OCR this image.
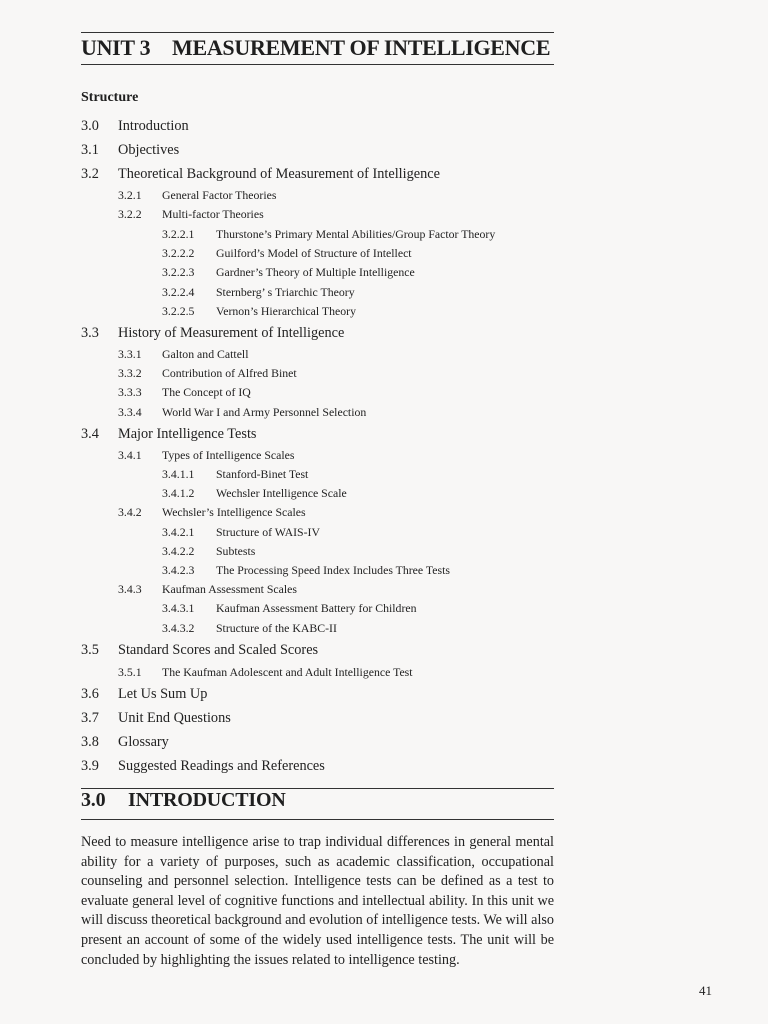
UNIT 3 MEASUREMENT OF INTELLIGENCE
Structure
3.0 Introduction
3.1 Objectives
3.2 Theoretical Background of Measurement of Intelligence
3.2.1 General Factor Theories
3.2.2 Multi-factor Theories
3.2.2.1 Thurstone’s Primary Mental Abilities/Group Factor Theory
3.2.2.2 Guilford’s Model of Structure of Intellect
3.2.2.3 Gardner’s Theory of Multiple Intelligence
3.2.2.4 Sternberg’ s Triarchic Theory
3.2.2.5 Vernon’s Hierarchical Theory
3.3 History of Measurement of Intelligence
3.3.1 Galton and Cattell
3.3.2 Contribution of Alfred Binet
3.3.3 The Concept of IQ
3.3.4 World War I and Army Personnel Selection
3.4 Major Intelligence Tests
3.4.1 Types of Intelligence Scales
3.4.1.1 Stanford-Binet Test
3.4.1.2 Wechsler Intelligence Scale
3.4.2 Wechsler’s Intelligence Scales
3.4.2.1 Structure of WAIS-IV
3.4.2.2 Subtests
3.4.2.3 The Processing Speed Index Includes Three Tests
3.4.3 Kaufman Assessment Scales
3.4.3.1 Kaufman Assessment Battery for Children
3.4.3.2 Structure of the KABC-II
3.5 Standard Scores and Scaled Scores
3.5.1 The Kaufman Adolescent and Adult Intelligence Test
3.6 Let Us Sum Up
3.7 Unit End Questions
3.8 Glossary
3.9 Suggested Readings and References
3.0 INTRODUCTION
Need to measure intelligence arise to trap individual differences in general mental ability for a variety of purposes, such as academic classification, occupational counseling and personnel selection. Intelligence tests can be defined as a test to evaluate general level of cognitive functions and intellectual ability. In this unit we will discuss theoretical background and evolution of intelligence tests. We will also present an account of some of the widely used intelligence tests. The unit will be concluded by highlighting the issues related to intelligence testing.
41
